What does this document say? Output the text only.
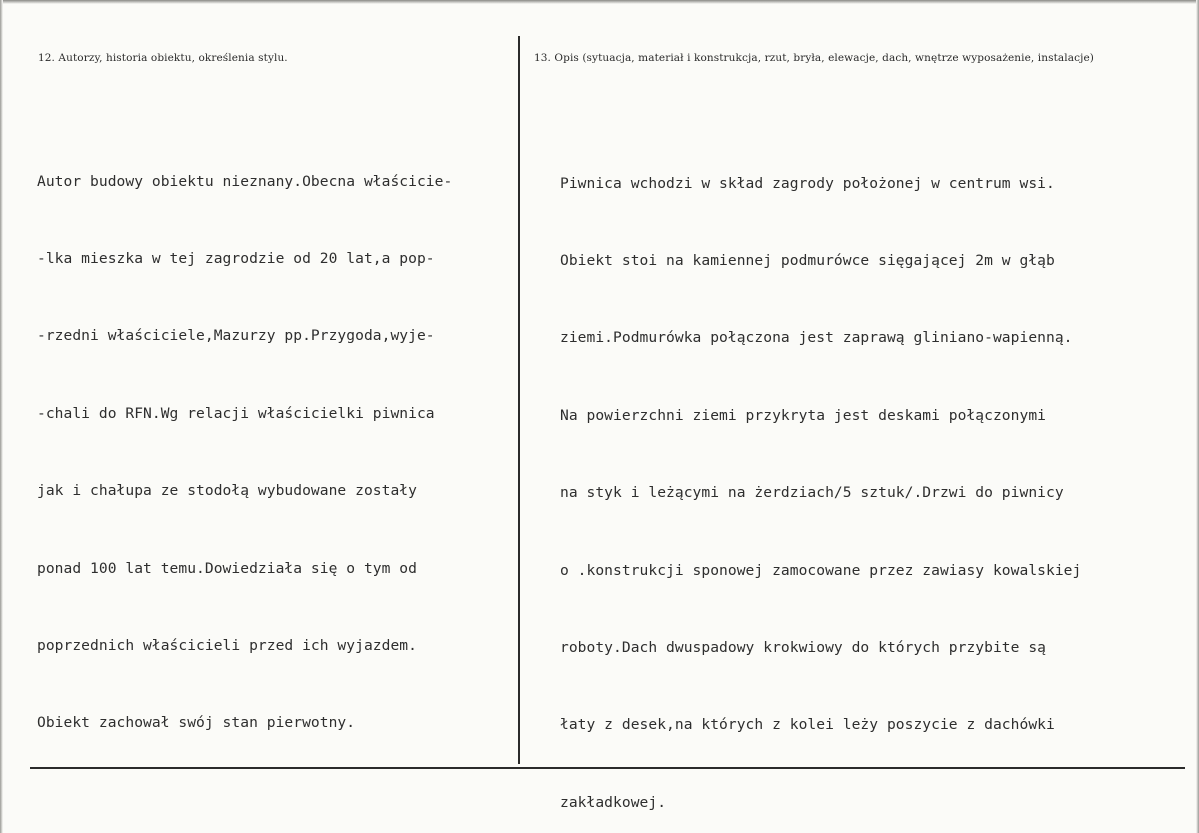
12. Autorzy, historia obiektu, określenia stylu.	13. Opis (sytuacja, materiał i konstrukcja, rzut, bryła, elewacje, dach, wnętrze wyposażenie, instalacje)

Autor budowy obiektu nieznany.Obecna właścicie-

-lka mieszka w tej zagrodzie od 20 lat,a pop-

-rzedni właściciele,Mazurzy pp.Przygoda,wyje-

-chali do RFN.Wg relacji właścicielki piwnica

jak i chałupa ze stodołą wybudowane zostały

ponad 100 lat temu.Dowiedziała się o tym od

poprzednich właścicieli przed ich wyjazdem.

Obiekt zachował swój stan pierwotny.

Piwnica wchodzi w skład zagrody położonej w centrum wsi.

Obiekt stoi na kamiennej podmurówce sięgającej 2m w głąb

ziemi.Podmurówka połączona jest zaprawą gliniano-wapienną.

Na powierzchni ziemi przykryta jest deskami połączonymi

na styk i leżącymi na żerdziach/5 sztuk/.Drzwi do piwnicy

o .konstrukcji sponowej zamocowane przez zawiasy kowalskiej

roboty.Dach dwuspadowy krokwiowy do których przybite są

łaty z desek,na których z kolei leży poszycie z dachówki

zakładkowej.
